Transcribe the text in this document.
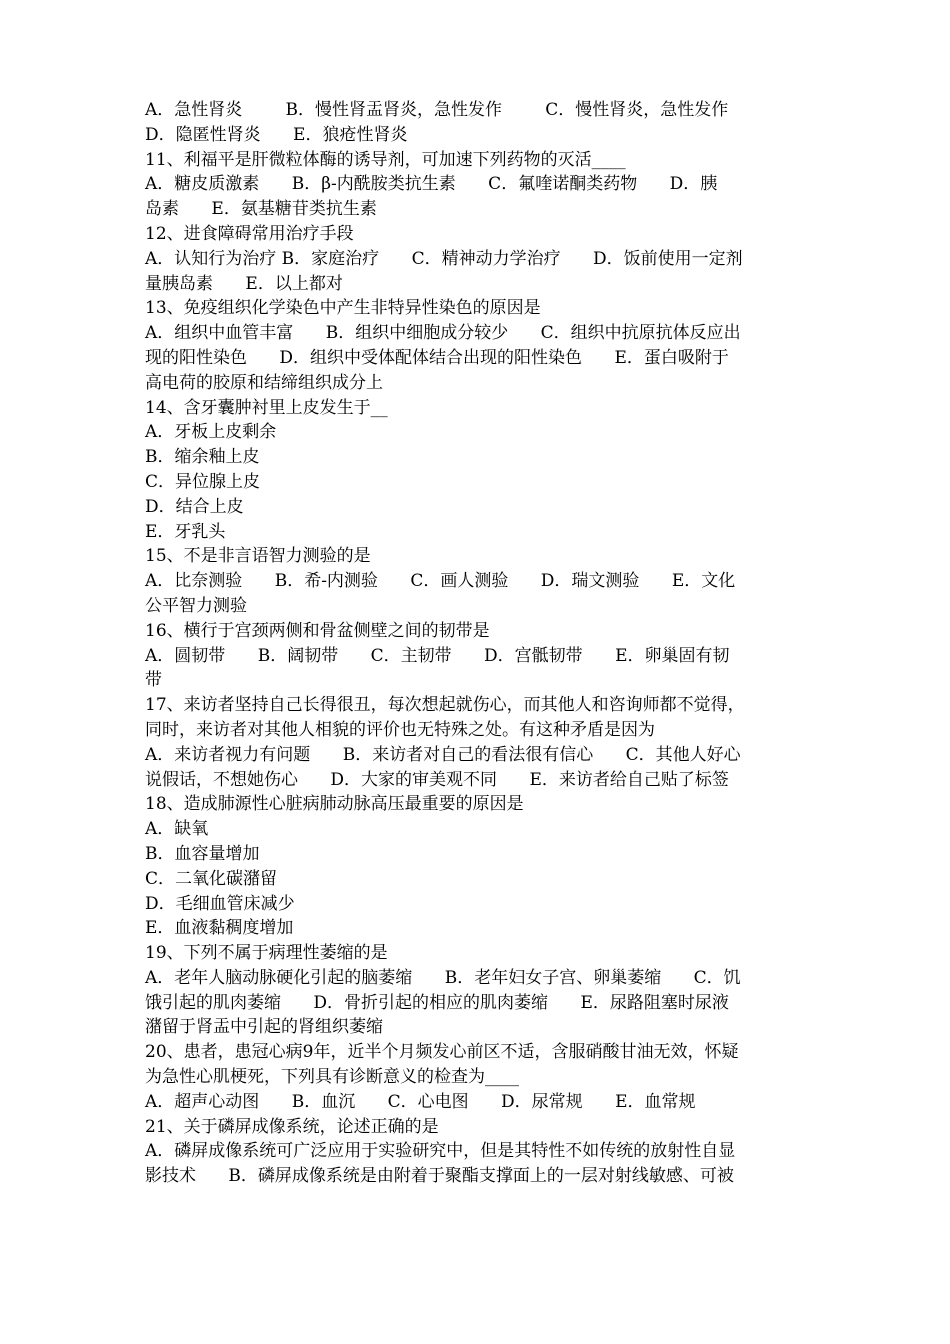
A．急性肾炎        B．慢性肾盂肾炎，急性发作        C．慢性肾炎，急性发作
D．隐匿性肾炎      E．狼疮性肾炎
11、利福平是肝微粒体酶的诱导剂，可加速下列药物的灭活____
A．糖皮质激素      B．β-内酰胺类抗生素      C．氟喹诺酮类药物      D．胰
岛素      E．氨基糖苷类抗生素
12、进食障碍常用治疗手段
A．认知行为治疗 B．家庭治疗      C．精神动力学治疗      D．饭前使用一定剂
量胰岛素      E．以上都对
13、免疫组织化学染色中产生非特异性染色的原因是
A．组织中血管丰富      B．组织中细胞成分较少      C．组织中抗原抗体反应出
现的阳性染色      D．组织中受体配体结合出现的阳性染色      E．蛋白吸附于
高电荷的胶原和结缔组织成分上
14、含牙囊肿衬里上皮发生于__
A．牙板上皮剩余
B．缩余釉上皮
C．异位腺上皮
D．结合上皮
E．牙乳头
15、不是非言语智力测验的是
A．比奈测验      B．希-内测验      C．画人测验      D．瑞文测验      E．文化
公平智力测验
16、横行于宫颈两侧和骨盆侧壁之间的韧带是
A．圆韧带      B．阔韧带      C．主韧带      D．宫骶韧带      E．卵巢固有韧
带
17、来访者坚持自己长得很丑，每次想起就伤心，而其他人和咨询师都不觉得，
同时，来访者对其他人相貌的评价也无特殊之处。有这种矛盾是因为
A．来访者视力有问题      B．来访者对自己的看法很有信心      C．其他人好心
说假话，不想她伤心      D．大家的审美观不同      E．来访者给自己贴了标签
18、造成肺源性心脏病肺动脉高压最重要的原因是
A．缺氧
B．血容量增加
C．二氧化碳潴留
D．毛细血管床减少
E．血液黏稠度增加
19、下列不属于病理性萎缩的是
A．老年人脑动脉硬化引起的脑萎缩      B．老年妇女子宫、卵巢萎缩      C．饥
饿引起的肌肉萎缩      D．骨折引起的相应的肌肉萎缩      E．尿路阻塞时尿液
潴留于肾盂中引起的肾组织萎缩
20、患者，患冠心病9年，近半个月频发心前区不适，含服硝酸甘油无效，怀疑
为急性心肌梗死，下列具有诊断意义的检查为____
A．超声心动图      B．血沉      C．心电图      D．尿常规      E．血常规
21、关于磷屏成像系统，论述正确的是
A．磷屏成像系统可广泛应用于实验研究中，但是其特性不如传统的放射性自显
影技术      B．磷屏成像系统是由附着于聚酯支撑面上的一层对射线敏感、可被
